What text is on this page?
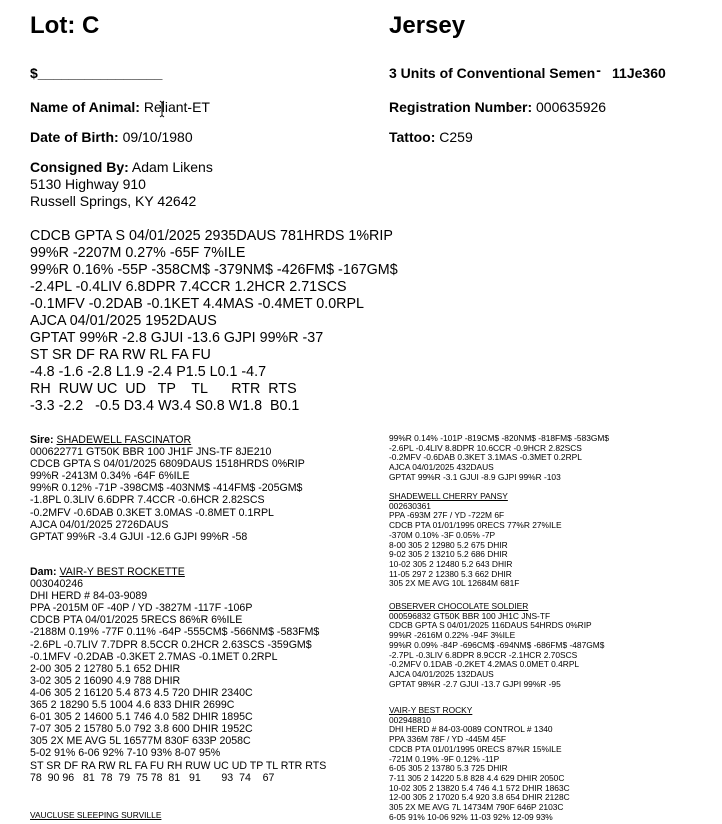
Lot: C	Jersey
$________________	3 Units of Conventional Semen -  11Je360
Name of Animal: Reliant-ET	Registration Number: 000635926
Date of Birth: 09/10/1980	Tattoo: C259
Consigned By: Adam Likens
5130 Highway 910
Russell Springs, KY 42642
CDCB GPTA S 04/01/2025 2935DAUS 781HRDS 1%RIP
99%R -2207M 0.27% -65F 7%ILE
99%R 0.16% -55P -358CM$ -379NM$ -426FM$ -167GM$
-2.4PL -0.4LIV 6.8DPR 7.4CCR 1.2HCR 2.71SCS
-0.1MFV -0.2DAB -0.1KET 4.4MAS -0.4MET 0.0RPL
AJCA 04/01/2025 1952DAUS
GPTAT 99%R -2.8 GJUI -13.6 GJPI 99%R -37
ST SR DF RA RW RL FA FU
-4.8 -1.6 -2.8 L1.9 -2.4 P1.5 L0.1 -4.7
RH  RUW UC  UD   TP    TL      RTR  RTS
-3.3 -2.2   -0.5 D3.4 W3.4 S0.8 W1.8  B0.1
Sire: SHADEWELL FASCINATOR
000622771 GT50K BBR 100 JH1F JNS-TF 8JE210
CDCB GPTA S 04/01/2025 6809DAUS 1518HRDS 0%RIP
99%R -2413M 0.34% -64F 6%ILE
99%R 0.12% -71P -398CM$ -403NM$ -414FM$ -205GM$
-1.8PL 0.3LIV 6.6DPR 7.4CCR -0.6HCR 2.82SCS
-0.2MFV -0.6DAB 0.3KET 3.0MAS -0.8MET 0.1RPL
AJCA 04/01/2025 2726DAUS
GPTAT 99%R -3.4 GJUI -12.6 GJPI 99%R -58
Dam: VAIR-Y BEST ROCKETTE
003040246
DHI HERD # 84-03-9089
PPA -2015M 0F -40P / YD -3827M -117F -106P
CDCB PTA 04/01/2025 5RECS 86%R 6%ILE
-2188M 0.19% -77F 0.11% -64P -555CM$ -566NM$ -583FM$
-2.6PL -0.7LIV 7.7DPR 8.5CCR 0.2HCR 2.63SCS -359GM$
-0.1MFV -0.2DAB -0.3KET 2.7MAS -0.1MET 0.2RPL
2-00 305 2 12780 5.1 652 DHIR
3-02 305 2 16090 4.9 788 DHIR
4-06 305 2 16120 5.4 873 4.5 720 DHIR 2340C
365 2 18290 5.5 1004 4.6 833 DHIR 2699C
6-01 305 2 14600 5.1 746 4.0 582 DHIR 1895C
7-07 305 2 15780 5.0 792 3.8 600 DHIR 1952C
305 2X ME AVG 5L 16577M 830F 633P 2058C
5-02 91% 6-06 92% 7-10 93% 8-07 95%
ST SR DF RA RW RL FA FU RH RUW UC UD TP TL RTR RTS
78  90 96   81  78  79  75 78  81   91       93  74    67
VAUCLUSE SLEEPING SURVILLE
99%R 0.14% -101P -819CM$ -820NM$ -818FM$ -583GM$
-2.6PL -0.4LIV 8.8DPR 10.6CCR -0.9HCR 2.82SCS
-0.2MFV -0.6DAB 0.3KET 3.1MAS -0.3MET 0.2RPL
AJCA 04/01/2025 432DAUS
GPTAT 99%R -3.1 GJUI -8.9 GJPI 99%R -103
SHADEWELL CHERRY PANSY
002630361
PPA -693M 27F / YD -722M 6F
CDCB PTA 01/01/1995 0RECS 77%R 27%ILE
-370M 0.10% -3F 0.05% -7P
8-00 305 2 12980 5.2 675 DHIR
9-02 305 2 13210 5.2 686 DHIR
10-02 305 2 12480 5.2 643 DHIR
11-05 297 2 12380 5.3 662 DHIR
305 2X ME AVG 10L 12684M 681F
OBSERVER CHOCOLATE SOLDIER
000596832 GT50K BBR 100 JH1C JNS-TF
CDCB GPTA S 04/01/2025 116DAUS 54HRDS 0%RIP
99%R -2616M 0.22% -94F 3%ILE
99%R 0.09% -84P -696CM$ -694NM$ -686FM$ -487GM$
-2.7PL -0.3LIV 6.8DPR 8.9CCR -2.1HCR 2.70SCS
-0.2MFV 0.1DAB -0.2KET 4.2MAS 0.0MET 0.4RPL
AJCA 04/01/2025 132DAUS
GPTAT 98%R -2.7 GJUI -13.7 GJPI 99%R -95
VAIR-Y BEST ROCKY
002948810
DHI HERD # 84-03-0089 CONTROL # 1340
PPA 336M 78F / YD -445M 45F
CDCB PTA 01/01/1995 0RECS 87%R 15%ILE
-721M 0.19% -9F 0.12% -11P
6-05 305 2 13780 5.3 725 DHIR
7-11 305 2 14220 5.8 828 4.4 629 DHIR 2050C
10-02 305 2 13820 5.4 746 4.1 572 DHIR 1863C
12-00 305 2 17020 5.4 920 3.8 654 DHIR 2128C
305 2X ME AVG 7L 14734M 790F 646P 2103C
6-05 91% 10-06 92% 11-03 92% 12-09 93%
